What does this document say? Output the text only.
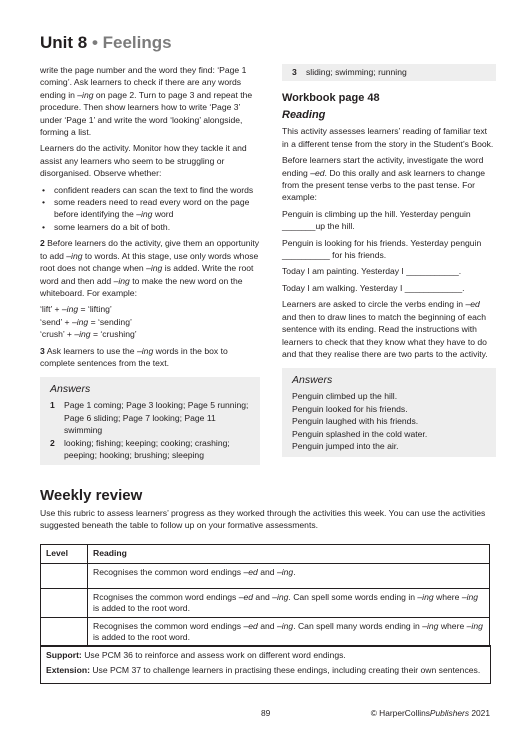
Unit 8 • Feelings

write the page number and the word they find: ‘Page 1 coming’. Ask learners to check if there are any words ending in –ing on page 2. Turn to page 3 and repeat the procedure. Then show learners how to write ‘Page 3’ under ‘Page 1’ and write the word ‘looking’ alongside, forming a list.

Learners do the activity. Monitor how they tackle it and assist any learners who seem to be struggling or disorganised. Observe whether:

• confident readers can scan the text to find the words
• some readers need to read every word on the page before identifying the –ing word
• some learners do a bit of both.

2 Before learners do the activity, give them an opportunity to add –ing to words. At this stage, use only words whose root does not change when –ing is added. Write the root word and then add –ing to make the new word on the whiteboard. For example:

‘lift’ + –ing = ‘lifting’

‘send’ + –ing = ‘sending’

‘crush’ + –ing = ‘crushing’

3 Ask learners to use the –ing words in the box to complete sentences from the text.

Answers
1 Page 1 coming; Page 3 looking; Page 5 running; Page 6 sliding; Page 7 looking; Page 11 swimming
2 looking; fishing; keeping; cooking; crashing; peeping; hooking; brushing; sleeping
3 sliding; swimming; running
Workbook page 48
Reading

This activity assesses learners’ reading of familiar text in a different tense from the story in the Student’s Book.

Before learners start the activity, investigate the word ending –ed. Do this orally and ask learners to change from the present tense verbs to the past tense. For example:

Penguin is climbing up the hill. Yesterday penguin
_______up the hill.

Penguin is looking for his friends. Yesterday penguin
__________ for his friends.

Today I am painting. Yesterday I ___________.

Today I am walking. Yesterday I ____________.

Learners are asked to circle the verbs ending in –ed and then to draw lines to match the beginning of each sentence with its ending. Read the instructions with learners to check that they know what they have to do and that they realise there are two parts to the activity.

Answers

Penguin climbed up the hill.

Penguin looked for his friends.

Penguin laughed with his friends.

Penguin splashed in the cold water.

Penguin jumped into the air.

Weekly review
Use this rubric to assess learners’ progress as they worked through the activities this week. You can use the activities suggested beneath the table to follow up on your formative assessments.
Level	Reading
	Recognises the common word endings –ed and –ing.
	Rcognises the common word endings –ed and –ing. Can spell some words ending in –ing where –ing is added to the root word.
	Recognises the common word endings –ed and –ing. Can spell many words ending in –ing where –ing is added to the root word.

Support: Use PCM 36 to reinforce and assess work on different word endings.

Extension: Use PCM 37 to challenge learners in practising these endings, including creating their own sentences.

89	© HarperCollinsPublishers 2021
